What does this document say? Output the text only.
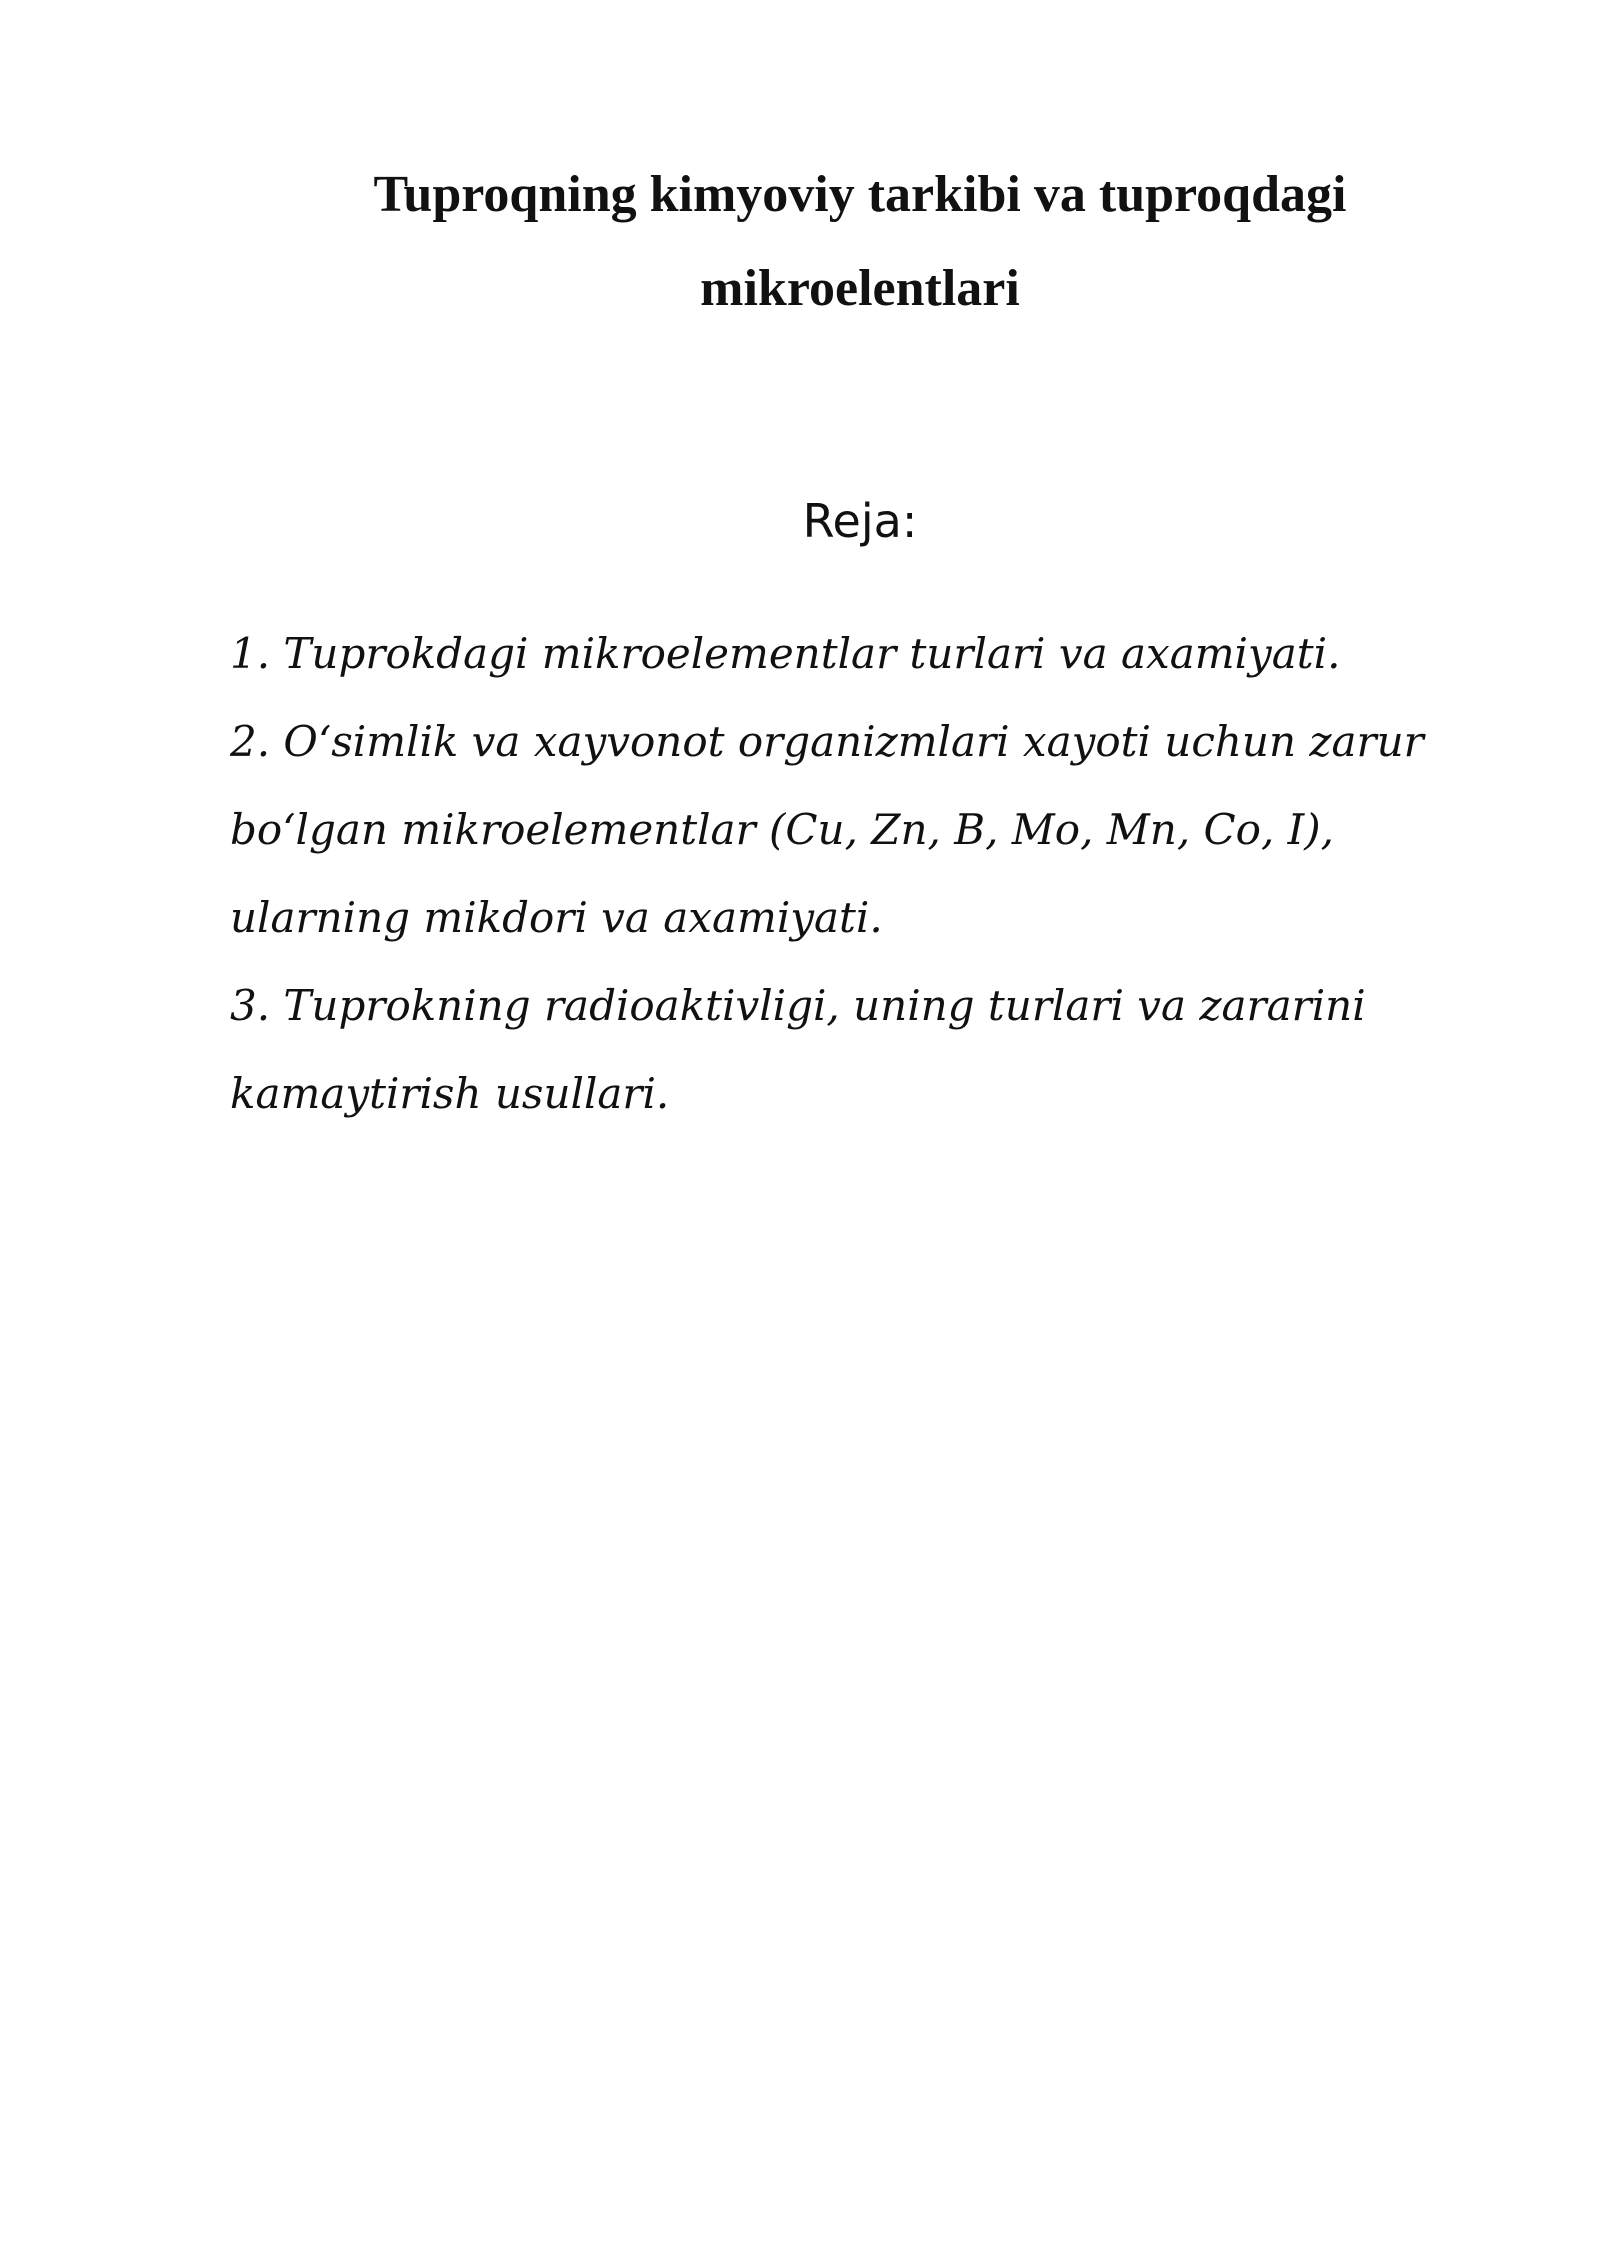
Tuproqning kimyoviy tarkibi va tuproqdagi
mikroelentlari
Reja:
1. Tuprokdagi mikroelementlar turlari va axamiyati.
2. O‘simlik va xayvonot organizmlari xayoti uchun zarur bo‘lgan mikroelementlar (Cu, Zn, B, Mo, Mn, Co, I), ularning mikdori va axamiyati.
3. Tuprokning radioaktivligi, uning turlari va zararini kamaytirish usullari.
